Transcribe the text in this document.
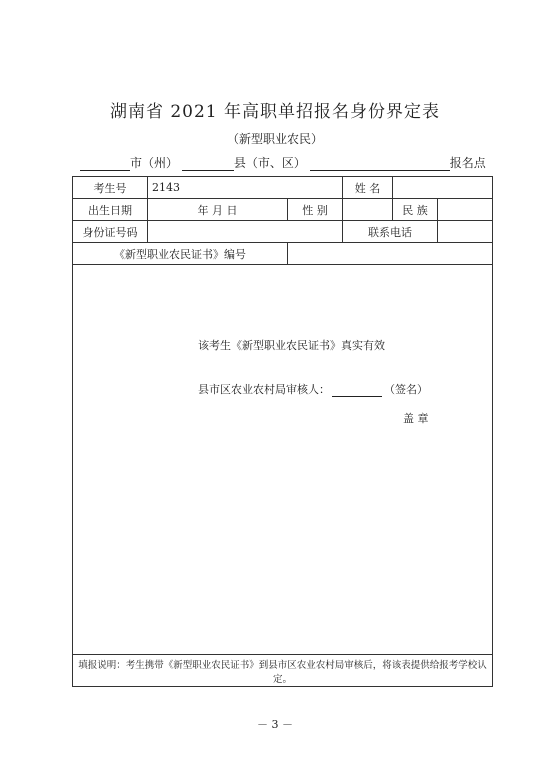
湖南省 2021 年高职单招报名身份界定表
（新型职业农民）
市（州）	县（市、区）	报名点
考生号	2143		姓 名		
出生日期	年 月 日	性 别		民 族	
身份证号码			联系电话		
《新型职业农民证书》编号					

该考生《新型职业农民证书》真实有效
县市区农业农村局审核人： （签名）
盖 章					

填报说明：考生携带《新型职业农民证书》到县市区农业农村局审核后，将该表提供给报考学校认定。					
－ 3 －
